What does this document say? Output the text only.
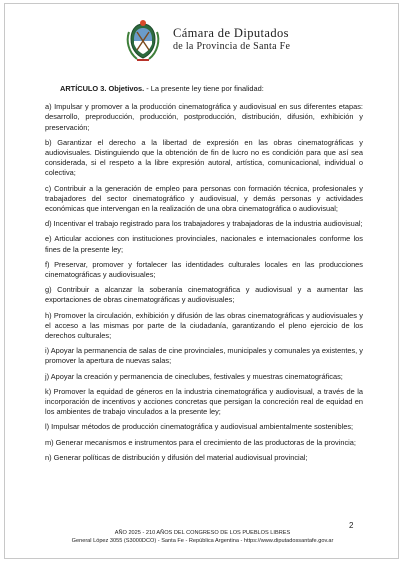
Cámara de Diputados
de la Provincia de Santa Fe

ARTÍCULO 3. Objetivos. - La presente ley tiene por finalidad:

a) Impulsar y promover a la producción cinematográfica y audiovisual en sus diferentes etapas: desarrollo, preproducción, producción, postproducción, distribución, difusión, exhibición y preservación;

b) Garantizar el derecho a la libertad de expresión en las obras cinematográficas y audiovisuales. Distinguiendo que la obtención de fin de lucro no es condición para que así sea considerada, si el respeto a la libre expresión autoral, artística, comunicacional, individual o colectiva;

c) Contribuir a la generación de empleo para personas con formación técnica, profesionales y trabajadores del sector cinematográfico y audiovisual, y demás personas y actividades económicas que intervengan en la realización de una obra cinematográfica o audiovisual;

d) Incentivar el trabajo registrado para los trabajadores y trabajadoras de la industria audiovisual;

e) Articular acciones con instituciones provinciales, nacionales e internacionales conforme los fines de la presente ley;

f) Preservar, promover y fortalecer las identidades culturales locales en las producciones cinematográficas y audiovisuales;

g) Contribuir a alcanzar la soberanía cinematográfica y audiovisual y a aumentar las exportaciones de obras cinematográficas y audiovisuales;

h) Promover la circulación, exhibición y difusión de las obras cinematográficas y audiovisuales y el acceso a las mismas por parte de la ciudadanía, garantizando el pleno ejercicio de los derechos culturales;

i) Apoyar la permanencia de salas de cine provinciales, municipales y comunales ya existentes, y promover la apertura de nuevas salas;

j) Apoyar la creación y permanencia de cineclubes, festivales y muestras cinematográficas;

k) Promover la equidad de géneros en la industria cinematográfica y audiovisual, a través de la incorporación de incentivos y acciones concretas que persigan la concreción real de equidad en los ambientes de trabajo vinculados a la presente ley;

l) Impulsar métodos de producción cinematográfica y audiovisual ambientalmente sostenibles;

m) Generar mecanismos e instrumentos para el crecimiento de las productoras de la provincia;

n) Generar políticas de distribución y difusión del material audiovisual provincial;

2
AÑO 2025 - 210 AÑOS DEL CONGRESO DE LOS PUEBLOS LIBRES
General López 3055 (S3000DCO) - Santa Fe - República Argentina - https://www.diputadossantafe.gov.ar
